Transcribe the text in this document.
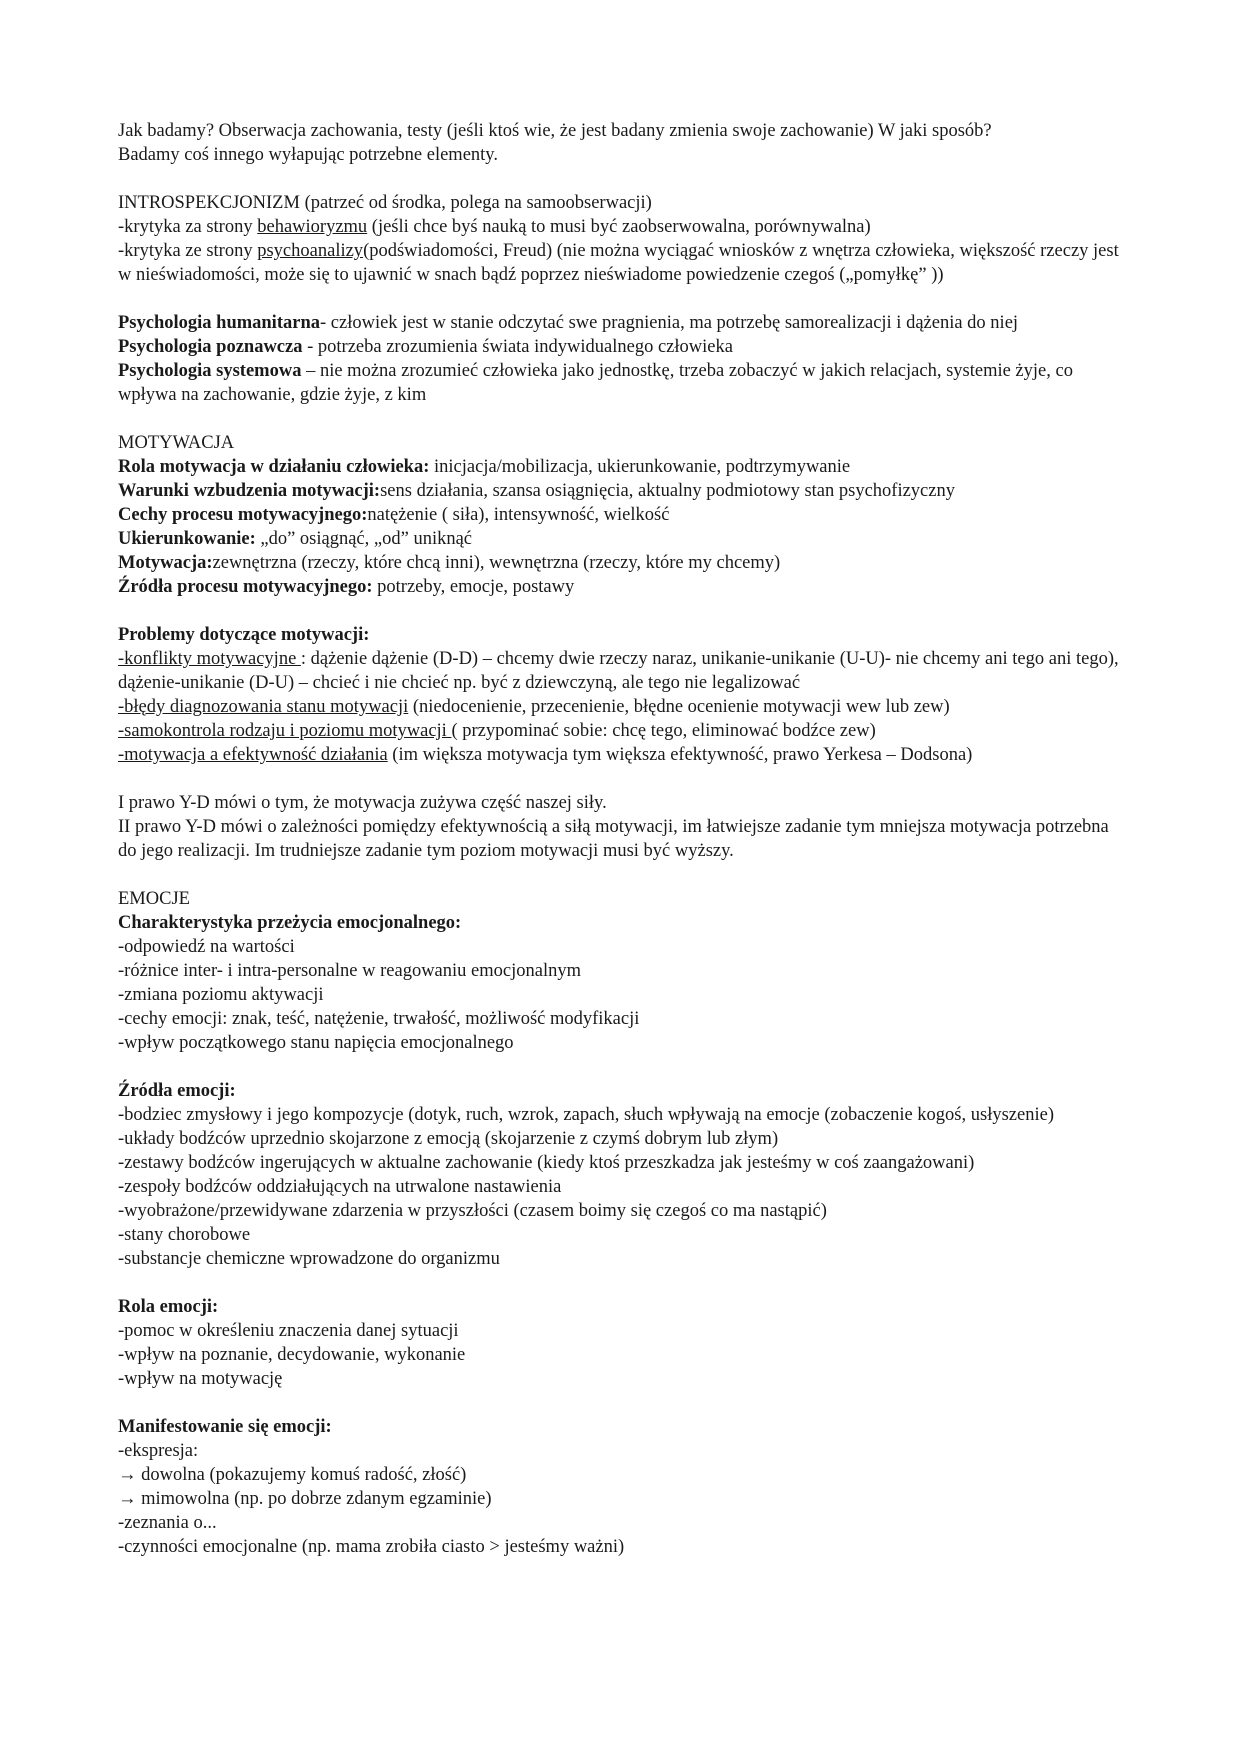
Jak badamy? Obserwacja zachowania, testy (jeśli ktoś wie, że jest badany zmienia swoje zachowanie) W jaki sposób?

Badamy coś innego wyłapując potrzebne elementy.

INTROSPEKCJONIZM (patrzeć od środka, polega na samoobserwacji)

-krytyka za strony behawioryzmu (jeśli chce byś nauką to musi być zaobserwowalna, porównywalna)

-krytyka ze strony psychoanalizy(podświadomości, Freud) (nie można wyciągać wniosków z wnętrza człowieka, większość rzeczy jest w nieświadomości, może się to ujawnić w snach bądź poprzez nieświadome powiedzenie czegoś („pomyłkę” ))

Psychologia humanitarna- człowiek jest w stanie odczytać swe pragnienia, ma potrzebę samorealizacji i dążenia do niej

Psychologia poznawcza - potrzeba zrozumienia świata indywidualnego człowieka

Psychologia systemowa – nie można zrozumieć człowieka jako jednostkę, trzeba zobaczyć w jakich relacjach, systemie żyje, co wpływa na zachowanie, gdzie żyje, z kim

MOTYWACJA

Rola motywacja w działaniu człowieka: inicjacja/mobilizacja, ukierunkowanie, podtrzymywanie

Warunki wzbudzenia motywacji:sens działania, szansa osiągnięcia, aktualny podmiotowy stan psychofizyczny

Cechy procesu motywacyjnego:natężenie ( siła), intensywność, wielkość

Ukierunkowanie: „do” osiągnąć, „od” uniknąć

Motywacja:zewnętrzna (rzeczy, które chcą inni), wewnętrzna (rzeczy, które my chcemy)

Źródła procesu motywacyjnego: potrzeby, emocje, postawy

Problemy dotyczące motywacji:

-konflikty motywacyjne : dążenie dążenie (D-D) – chcemy dwie rzeczy naraz, unikanie-unikanie (U-U)- nie chcemy ani tego ani tego), dążenie-unikanie (D-U) – chcieć i nie chcieć np. być z dziewczyną, ale tego nie legalizować

-błędy diagnozowania stanu motywacji (niedocenienie, przecenienie, błędne ocenienie motywacji wew lub zew)

-samokontrola rodzaju i poziomu motywacji ( przypominać sobie: chcę tego, eliminować bodźce zew)

-motywacja a efektywność działania (im większa motywacja tym większa efektywność, prawo Yerkesa – Dodsona)

I prawo Y-D mówi o tym, że motywacja zużywa część naszej siły.

II prawo Y-D mówi o zależności pomiędzy efektywnością a siłą motywacji, im łatwiejsze zadanie tym mniejsza motywacja potrzebna do jego realizacji. Im trudniejsze zadanie tym poziom motywacji musi być wyższy.

EMOCJE

Charakterystyka przeżycia emocjonalnego:

-odpowiedź na wartości

-różnice inter- i intra-personalne w reagowaniu emocjonalnym

-zmiana poziomu aktywacji

-cechy emocji: znak, teść, natężenie, trwałość, możliwość modyfikacji

-wpływ początkowego stanu napięcia emocjonalnego

Źródła emocji:

-bodziec zmysłowy i jego kompozycje (dotyk, ruch, wzrok, zapach, słuch wpływają na emocje (zobaczenie kogoś, usłyszenie)

-układy bodźców uprzednio skojarzone z emocją (skojarzenie z czymś dobrym lub złym)

-zestawy bodźców ingerujących w aktualne zachowanie (kiedy ktoś przeszkadza jak jesteśmy w coś zaangażowani)

-zespoły bodźców oddziałujących na utrwalone nastawienia

-wyobrażone/przewidywane zdarzenia w przyszłości (czasem boimy się czegoś co ma nastąpić)

-stany chorobowe

-substancje chemiczne wprowadzone do organizmu

Rola emocji:

-pomoc w określeniu znaczenia danej sytuacji

-wpływ na poznanie, decydowanie, wykonanie

-wpływ na motywację

Manifestowanie się emocji:

-ekspresja:

→ dowolna (pokazujemy komuś radość, złość)

→ mimowolna (np. po dobrze zdanym egzaminie)

-zeznania o...

-czynności emocjonalne (np. mama zrobiła ciasto > jesteśmy ważni)
